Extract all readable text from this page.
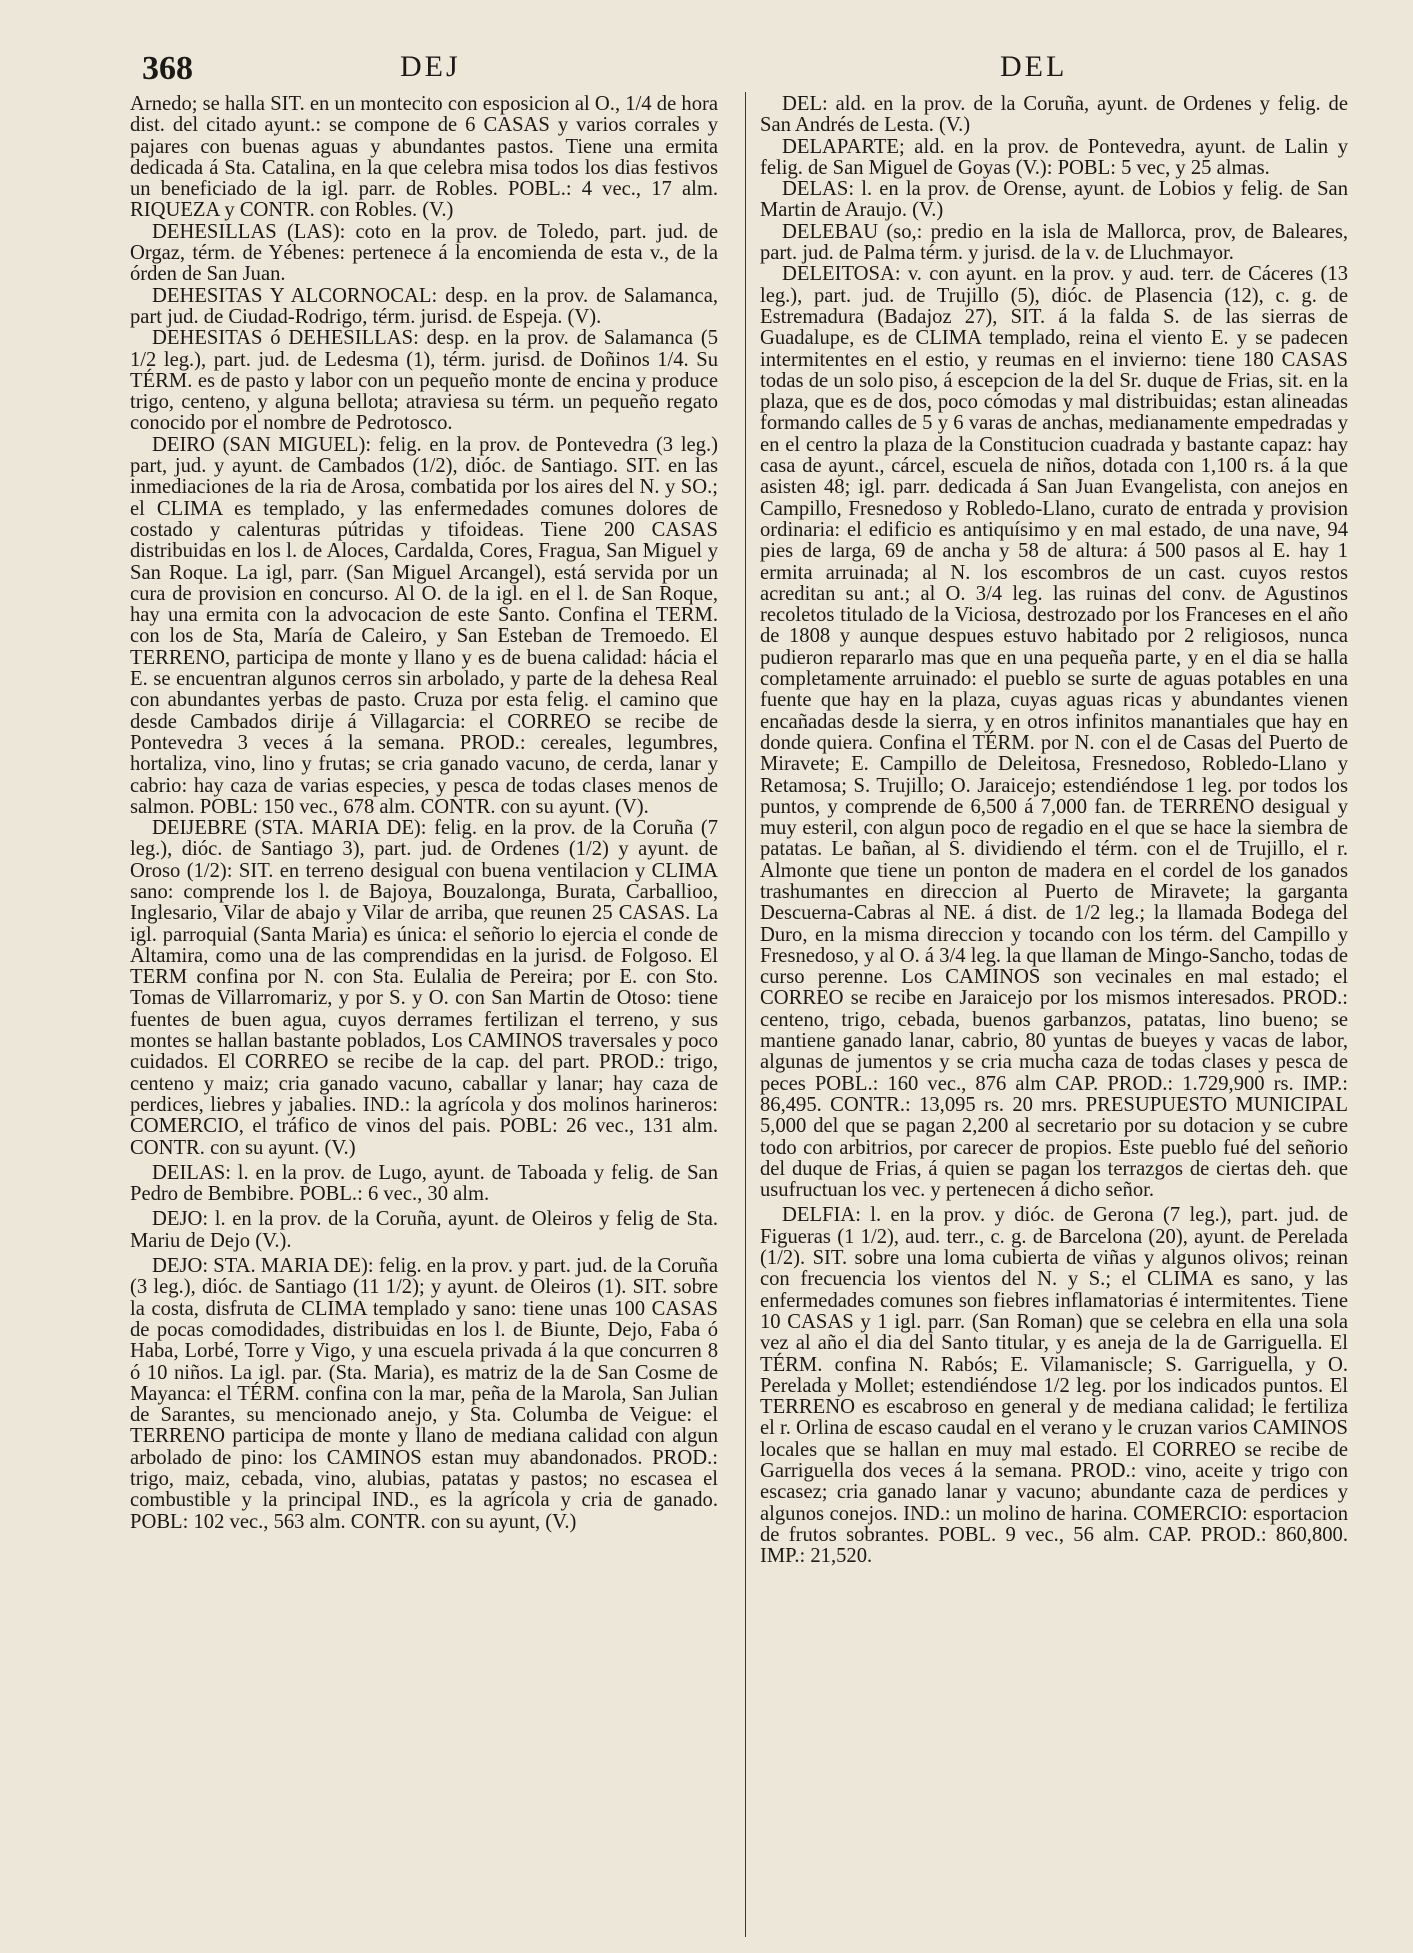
368	DEJ	DEL

Arnedo; se halla SIT. en un montecito con esposicion al O., 1/4 de hora dist. del citado ayunt.: se compone de 6 CASAS y varios corrales y pajares con buenas aguas y abundantes pastos. Tiene una ermita dedicada á Sta. Catalina, en la que celebra misa todos los dias festivos un beneficiado de la igl. parr. de Robles. POBL.: 4 vec., 17 alm. RIQUEZA y CONTR. con Robles. (V.)

DEHESILLAS (LAS): coto en la prov. de Toledo, part. jud. de Orgaz, térm. de Yébenes: pertenece á la encomienda de esta v., de la órden de San Juan.

DEHESITAS Y ALCORNOCAL: desp. en la prov. de Salamanca, part jud. de Ciudad-Rodrigo, térm. jurisd. de Espeja. (V).

DEHESITAS ó DEHESILLAS: desp. en la prov. de Salamanca (5 1/2 leg.), part. jud. de Ledesma (1), térm. jurisd. de Doñinos 1/4. Su TÉRM. es de pasto y labor con un pequeño monte de encina y produce trigo, centeno, y alguna bellota; atraviesa su térm. un pequeño regato conocido por el nombre de Pedrotosco.

DEIRO (SAN MIGUEL): felig. en la prov. de Pontevedra (3 leg.) part, jud. y ayunt. de Cambados (1/2), dióc. de Santiago. SIT. en las inmediaciones de la ria de Arosa, combatida por los aires del N. y SO.; el CLIMA es templado, y las enfermedades comunes dolores de costado y calenturas pútridas y tifoideas. Tiene 200 CASAS distribuidas en los l. de Aloces, Cardalda, Cores, Fragua, San Miguel y San Roque. La igl, parr. (San Miguel Arcangel), está servida por un cura de provision en concurso. Al O. de la igl. en el l. de San Roque, hay una ermita con la advocacion de este Santo. Confina el TERM. con los de Sta, María de Caleiro, y San Esteban de Tremoedo. El TERRENO, participa de monte y llano y es de buena calidad: hácia el E. se encuentran algunos cerros sin arbolado, y parte de la dehesa Real con abundantes yerbas de pasto. Cruza por esta felig. el camino que desde Cambados dirije á Villagarcia: el CORREO se recibe de Pontevedra 3 veces á la semana. PROD.: cereales, legumbres, hortaliza, vino, lino y frutas; se cria ganado vacuno, de cerda, lanar y cabrio: hay caza de varias especies, y pesca de todas clases menos de salmon. POBL: 150 vec., 678 alm. CONTR. con su ayunt. (V).

DEIJEBRE (STA. MARIA DE): felig. en la prov. de la Coruña (7 leg.), dióc. de Santiago 3), part. jud. de Ordenes (1/2) y ayunt. de Oroso (1/2): SIT. en terreno desigual con buena ventilacion y CLIMA sano: comprende los l. de Bajoya, Bouzalonga, Burata, Carballioo, Inglesario, Vilar de abajo y Vilar de arriba, que reunen 25 CASAS. La igl. parroquial (Santa Maria) es única: el señorio lo ejercia el conde de Altamira, como una de las comprendidas en la jurisd. de Folgoso. El TERM confina por N. con Sta. Eulalia de Pereira; por E. con Sto. Tomas de Villarromariz, y por S. y O. con San Martin de Otoso: tiene fuentes de buen agua, cuyos derrames fertilizan el terreno, y sus montes se hallan bastante poblados, Los CAMINOS traversales y poco cuidados. El CORREO se recibe de la cap. del part. PROD.: trigo, centeno y maiz; cria ganado vacuno, caballar y lanar; hay caza de perdices, liebres y jabalies. IND.: la agrícola y dos molinos harineros: COMERCIO, el tráfico de vinos del pais. POBL: 26 vec., 131 alm. CONTR. con su ayunt. (V.)

DEILAS: l. en la prov. de Lugo, ayunt. de Taboada y felig. de San Pedro de Bembibre. POBL.: 6 vec., 30 alm.

DEJO: l. en la prov. de la Coruña, ayunt. de Oleiros y felig de Sta. Mariu de Dejo (V.).

DEJO: STA. MARIA DE): felig. en la prov. y part. jud. de la Coruña (3 leg.), dióc. de Santiago (11 1/2); y ayunt. de Oleiros (1). SIT. sobre la costa, disfruta de CLIMA templado y sano: tiene unas 100 CASAS de pocas comodidades, distribuidas en los l. de Biunte, Dejo, Faba ó Haba, Lorbé, Torre y Vigo, y una escuela privada á la que concurren 8 ó 10 niños. La igl. par. (Sta. Maria), es matriz de la de San Cosme de Mayanca: el TÉRM. confina con la mar, peña de la Marola, San Julian de Sarantes, su mencionado anejo, y Sta. Columba de Veigue: el TERRENO participa de monte y llano de mediana calidad con algun arbolado de pino: los CAMINOS estan muy abandonados. PROD.: trigo, maiz, cebada, vino, alubias, patatas y pastos; no escasea el combustible y la principal IND., es la agrícola y cria de ganado. POBL: 102 vec., 563 alm. CONTR. con su ayunt, (V.)

DEL: ald. en la prov. de la Coruña, ayunt. de Ordenes y felig. de San Andrés de Lesta. (V.)

DELAPARTE; ald. en la prov. de Pontevedra, ayunt. de Lalin y felig. de San Miguel de Goyas (V.): POBL: 5 vec, y 25 almas.

DELAS: l. en la prov. de Orense, ayunt. de Lobios y felig. de San Martin de Araujo. (V.)

DELEBAU (so,: predio en la isla de Mallorca, prov, de Baleares, part. jud. de Palma térm. y jurisd. de la v. de Lluchmayor.

DELEITOSA: v. con ayunt. en la prov. y aud. terr. de Cáceres (13 leg.), part. jud. de Trujillo (5), dióc. de Plasencia (12), c. g. de Estremadura (Badajoz 27), SIT. á la falda S. de las sierras de Guadalupe, es de CLIMA templado, reina el viento E. y se padecen intermitentes en el estio, y reumas en el invierno: tiene 180 CASAS todas de un solo piso, á escepcion de la del Sr. duque de Frias, sit. en la plaza, que es de dos, poco cómodas y mal distribuidas; estan alineadas formando calles de 5 y 6 varas de anchas, medianamente empedradas y en el centro la plaza de la Constitucion cuadrada y bastante capaz: hay casa de ayunt., cárcel, escuela de niños, dotada con 1,100 rs. á la que asisten 48; igl. parr. dedicada á San Juan Evangelista, con anejos en Campillo, Fresnedoso y Robledo-Llano, curato de entrada y provision ordinaria: el edificio es antiquísimo y en mal estado, de una nave, 94 pies de larga, 69 de ancha y 58 de altura: á 500 pasos al E. hay 1 ermita arruinada; al N. los escombros de un cast. cuyos restos acreditan su ant.; al O. 3/4 leg. las ruinas del conv. de Agustinos recoletos titulado de la Viciosa, destrozado por los Franceses en el año de 1808 y aunque despues estuvo habitado por 2 religiosos, nunca pudieron repararlo mas que en una pequeña parte, y en el dia se halla completamente arruinado: el pueblo se surte de aguas potables en una fuente que hay en la plaza, cuyas aguas ricas y abundantes vienen encañadas desde la sierra, y en otros infinitos manantiales que hay en donde quiera. Confina el TÉRM. por N. con el de Casas del Puerto de Miravete; E. Campillo de Deleitosa, Fresnedoso, Robledo-Llano y Retamosa; S. Trujillo; O. Jaraicejo; estendiéndose 1 leg. por todos los puntos, y comprende de 6,500 á 7,000 fan. de TERRENO desigual y muy esteril, con algun poco de regadio en el que se hace la siembra de patatas. Le bañan, al S. dividiendo el térm. con el de Trujillo, el r. Almonte que tiene un ponton de madera en el cordel de los ganados trashumantes en direccion al Puerto de Miravete; la garganta Descuerna-Cabras al NE. á dist. de 1/2 leg.; la llamada Bodega del Duro, en la misma direccion y tocando con los térm. del Campillo y Fresnedoso, y al O. á 3/4 leg. la que llaman de Mingo-Sancho, todas de curso perenne. Los CAMINOS son vecinales en mal estado; el CORREO se recibe en Jaraicejo por los mismos interesados. PROD.: centeno, trigo, cebada, buenos garbanzos, patatas, lino bueno; se mantiene ganado lanar, cabrio, 80 yuntas de bueyes y vacas de labor, algunas de jumentos y se cria mucha caza de todas clases y pesca de peces POBL.: 160 vec., 876 alm CAP. PROD.: 1.729,900 rs. IMP.: 86,495. CONTR.: 13,095 rs. 20 mrs. PRESUPUESTO MUNICIPAL 5,000 del que se pagan 2,200 al secretario por su dotacion y se cubre todo con arbitrios, por carecer de propios. Este pueblo fué del señorio del duque de Frias, á quien se pagan los terrazgos de ciertas deh. que usufructuan los vec. y pertenecen á dicho señor.

DELFIA: l. en la prov. y dióc. de Gerona (7 leg.), part. jud. de Figueras (1 1/2), aud. terr., c. g. de Barcelona (20), ayunt. de Perelada (1/2). SIT. sobre una loma cubierta de viñas y algunos olivos; reinan con frecuencia los vientos del N. y S.; el CLIMA es sano, y las enfermedades comunes son fiebres inflamatorias é intermitentes. Tiene 10 CASAS y 1 igl. parr. (San Roman) que se celebra en ella una sola vez al año el dia del Santo titular, y es aneja de la de Garriguella. El TÉRM. confina N. Rabós; E. Vilamaniscle; S. Garriguella, y O. Perelada y Mollet; estendiéndose 1/2 leg. por los indicados puntos. El TERRENO es escabroso en general y de mediana calidad; le fertiliza el r. Orlina de escaso caudal en el verano y le cruzan varios CAMINOS locales que se hallan en muy mal estado. El CORREO se recibe de Garriguella dos veces á la semana. PROD.: vino, aceite y trigo con escasez; cria ganado lanar y vacuno; abundante caza de perdices y algunos conejos. IND.: un molino de harina. COMERCIO: esportacion de frutos sobrantes. POBL. 9 vec., 56 alm. CAP. PROD.: 860,800. IMP.: 21,520.
